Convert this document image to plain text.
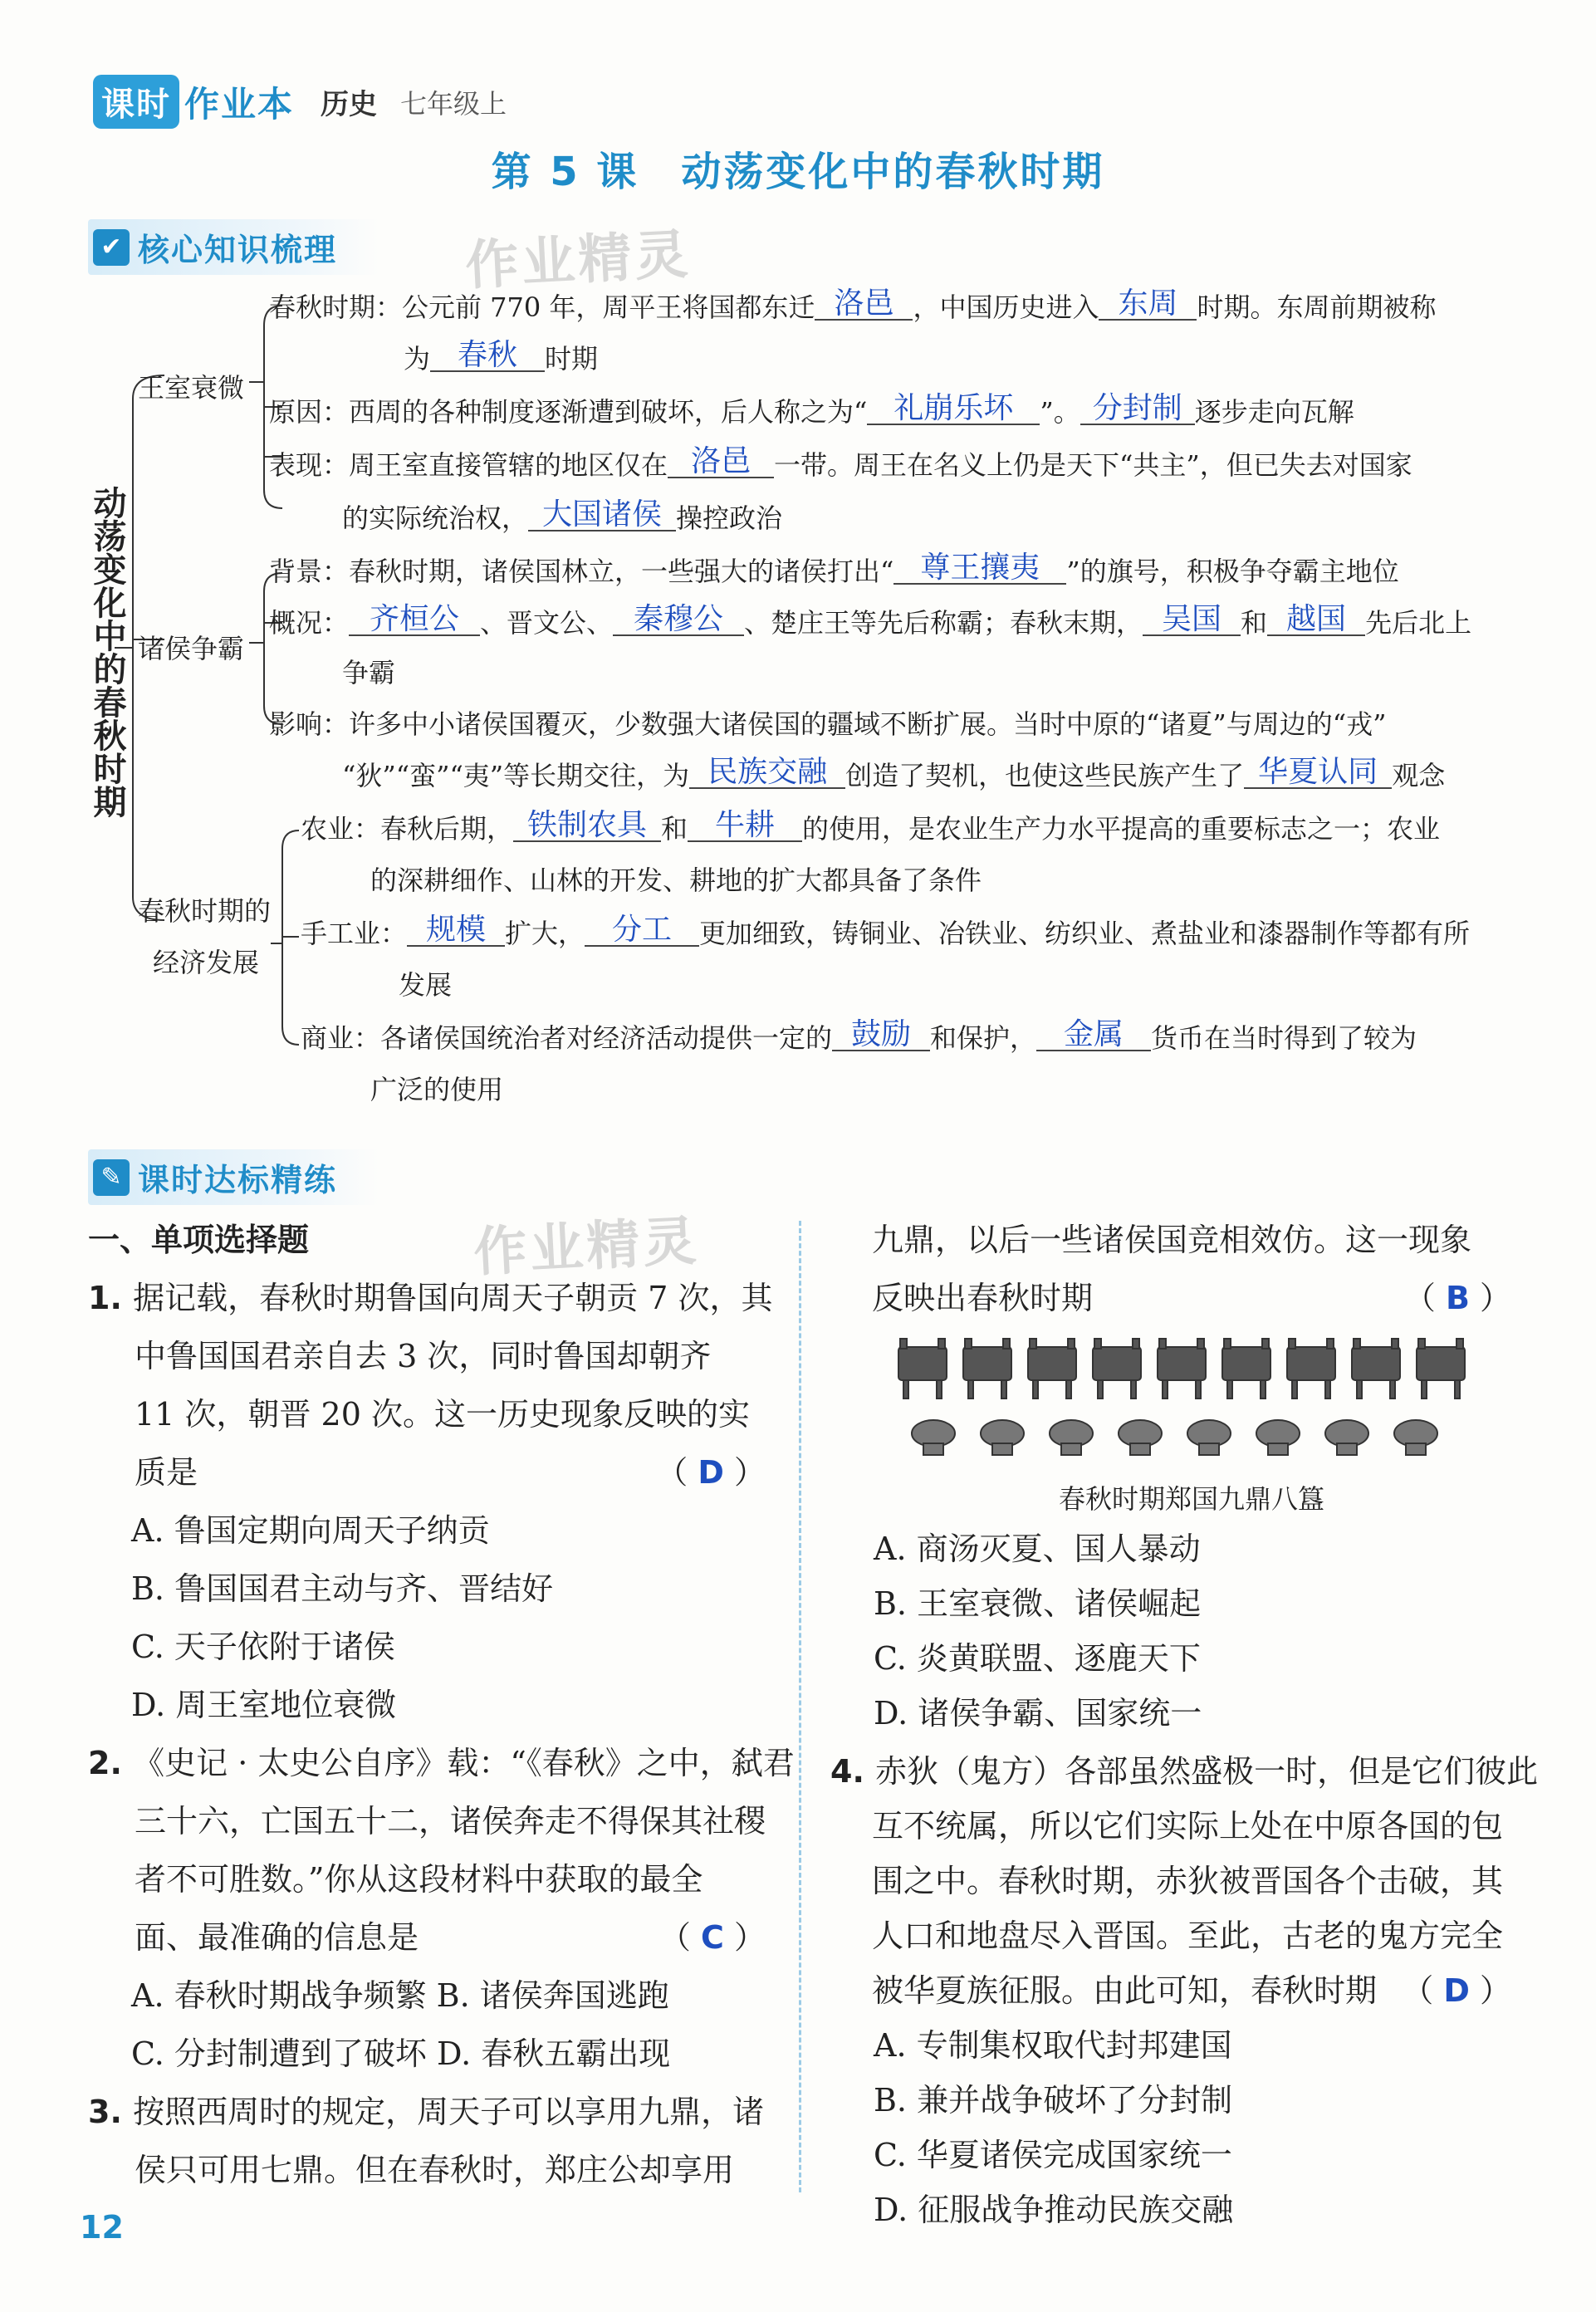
课时 作业本 历史 七年级上
第 5 课　动荡变化中的春秋时期
✔ 核心知识梳理 作业精灵
动荡变化中的春秋时期
王室衰微
诸侯争霸
春秋时期的
经济发展
春秋时期：公元前 770 年，周平王将国都东迁 洛邑 ，中国历史进入 东周 时期。东周前期被称
为 春秋 时期
原因：西周的各种制度逐渐遭到破坏，后人称之为“ 礼崩乐坏 ”。 分封制 逐步走向瓦解
表现：周王室直接管辖的地区仅在 洛邑 一带。周王在名义上仍是天下“共主”，但已失去对国家
的实际统治权， 大国诸侯 操控政治
背景：春秋时期，诸侯国林立，一些强大的诸侯打出“ 尊王攘夷 ”的旗号，积极争夺霸主地位
概况： 齐桓公 、晋文公、 秦穆公 、楚庄王等先后称霸；春秋末期， 吴国 和 越国 先后北上
争霸
影响：许多中小诸侯国覆灭，少数强大诸侯国的疆域不断扩展。当时中原的“诸夏”与周边的“戎”
“狄”“蛮”“夷”等长期交往，为 民族交融 创造了契机，也使这些民族产生了 华夏认同 观念
农业：春秋后期， 铁制农具 和 牛耕 的使用，是农业生产力水平提高的重要标志之一；农业
的深耕细作、山林的开发、耕地的扩大都具备了条件
手工业： 规模 扩大， 分工 更加细致，铸铜业、冶铁业、纺织业、煮盐业和漆器制作等都有所
发展
商业：各诸侯国统治者对经济活动提供一定的 鼓励 和保护， 金属 货币在当时得到了较为
广泛的使用
✎ 课时达标精练
作业精灵
一、单项选择题
1. 据记载，春秋时期鲁国向周天子朝贡 7 次，其
中鲁国国君亲自去 3 次，同时鲁国却朝齐
11 次，朝晋 20 次。这一历史现象反映的实
质是	（ D ）
A. 鲁国定期向周天子纳贡
B. 鲁国国君主动与齐、晋结好
C. 天子依附于诸侯
D. 周王室地位衰微
2. 《史记 · 太史公自序》载：“《春秋》之中，弑君
三十六，亡国五十二，诸侯奔走不得保其社稷
者不可胜数。”你从这段材料中获取的最全
面、最准确的信息是	（ C ）
A. 春秋时期战争频繁 B. 诸侯奔国逃跑
C. 分封制遭到了破坏 D. 春秋五霸出现
3. 按照西周时的规定，周天子可以享用九鼎，诸
侯只可用七鼎。但在春秋时，郑庄公却享用
九鼎，以后一些诸侯国竞相效仿。这一现象
反映出春秋时期	（ B ）
春秋时期郑国九鼎八簋
A. 商汤灭夏、国人暴动
B. 王室衰微、诸侯崛起
C. 炎黄联盟、逐鹿天下
D. 诸侯争霸、国家统一
4. 赤狄（鬼方）各部虽然盛极一时，但是它们彼此
互不统属，所以它们实际上处在中原各国的包
围之中。春秋时期，赤狄被晋国各个击破，其
人口和地盘尽入晋国。至此，古老的鬼方完全
被华夏族征服。由此可知，春秋时期 （ D ）
A. 专制集权取代封邦建国
B. 兼并战争破坏了分封制
C. 华夏诸侯完成国家统一
D. 征服战争推动民族交融
12
